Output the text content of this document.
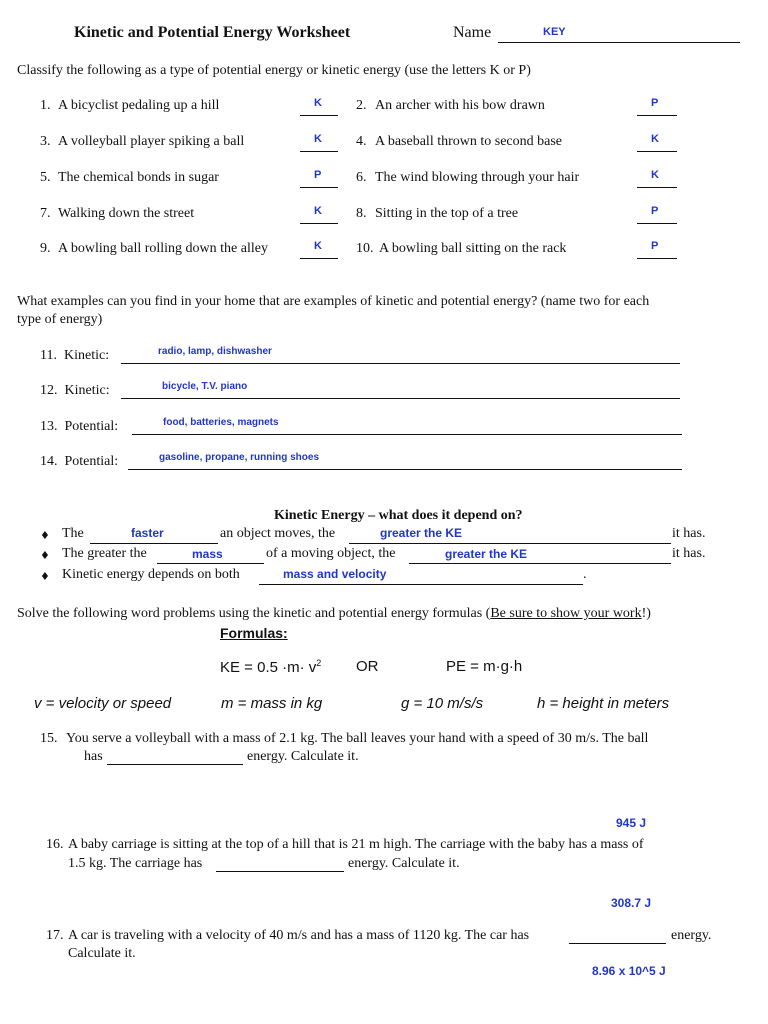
Kinetic and Potential Energy Worksheet	Name	KEY
Classify the following as a type of potential energy or kinetic energy (use the letters K or P)
1. A bicyclist pedaling up a hill	K 2. An archer with his bow drawn	P
3. A volleyball player spiking a ball	K 4. A baseball thrown to second base	K
5. The chemical bonds in sugar	P 6. The wind blowing through your hair	K
7. Walking down the street	K 8. Sitting in the top of a tree	P
9. A bowling ball rolling down the alley	K 10. A bowling ball sitting on the rack	P
What examples can you find in your home that are examples of kinetic and potential energy? (name two for each
type of energy)
11.  Kinetic:	radio, lamp, dishwasher
12.  Kinetic:	bicycle, T.V. piano
13.  Potential:	food, batteries, magnets
14.  Potential:	gasoline, propane, running shoes
Kinetic Energy – what does it depend on?
♦ The	faster	an object moves, the	greater the KE	it has.
♦ The greater the	mass	of a moving object, the	greater the KE	it has.
♦ Kinetic energy depends on both	mass and velocity	.
Solve the following word problems using the kinetic and potential energy formulas (Be sure to show your work!)
Formulas:
KE = $0.5 \cdot m\cdot v^2$ OR	PE = m·g·h
v = velocity or speed	m = mass in kg	g = 10 m/s/s	h = height in meters
15. You serve a volleyball with a mass of 2.1 kg. The ball leaves your hand with a speed of 30 m/s. The ball
has	energy. Calculate it.
945 J
16. A baby carriage is sitting at the top of a hill that is 21 m high. The carriage with the baby has a mass of
1.5 kg. The carriage has	energy. Calculate it.
308.7 J
17. A car is traveling with a velocity of 40 m/s and has a mass of 1120 kg. The car has	energy.
Calculate it.
8.96 x 10^5 J
